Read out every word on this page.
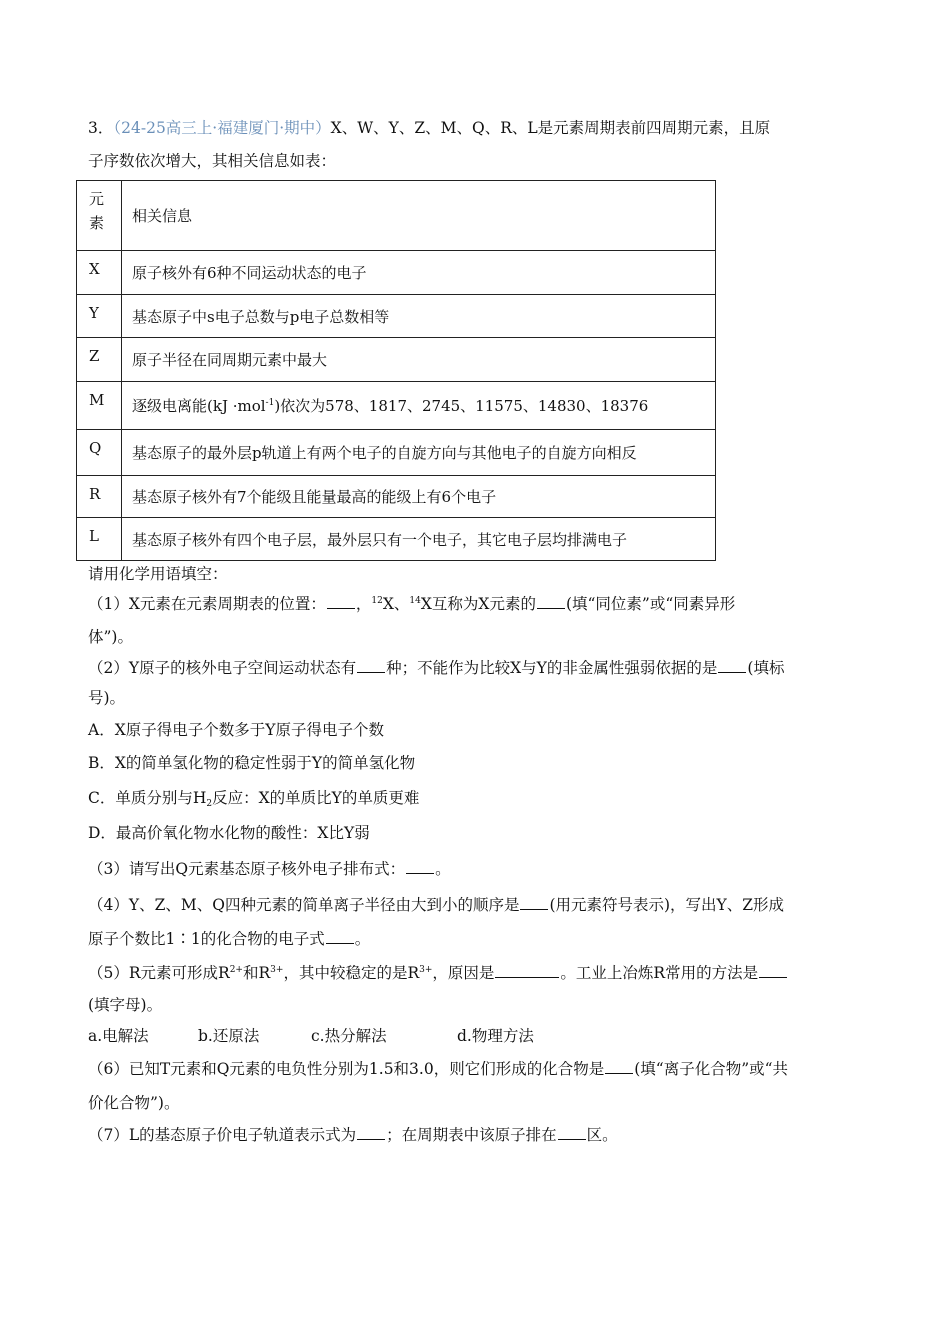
3．（24-25高三上·福建厦门·期中）X、W、Y、Z、M、Q、R、L是元素周期表前四周期元素，且原
子序数依次增大，其相关信息如表：
元
素	相关信息
X	原子核外有6种不同运动状态的电子
Y	基态原子中s电子总数与p电子总数相等
Z	原子半径在同周期元素中最大
M	逐级电离能(kJ ·mol$^{-1}$)依次为578、1817、2745、11575、14830、18376
Q	基态原子的最外层p轨道上有两个电子的自旋方向与其他电子的自旋方向相反
R	基态原子核外有7个能级且能量最高的能级上有6个电子
L	基态原子核外有四个电子层，最外层只有一个电子，其它电子层均排满电子
请用化学用语填空：
（1）X元素在元素周期表的位置： ，$^{12}$X、$^{14}$X互称为X元素的 (填“同位素”或“同素异形
体”)。
（2）Y原子的核外电子空间运动状态有 种；不能作为比较X与Y的非金属性强弱依据的是 (填标
号)。
A．X原子得电子个数多于Y原子得电子个数
B．X的简单氢化物的稳定性弱于Y的简单氢化物
C．单质分别与$H_2$反应：X的单质比Y的单质更难
D．最高价氧化物水化物的酸性：X比Y弱
（3）请写出Q元素基态原子核外电子排布式： 。
（4）Y、Z、M、Q四种元素的简单离子半径由大到小的顺序是 (用元素符号表示)，写出Y、Z形成
原子个数比1∶1的化合物的电子式 。
（5）R元素可形成$R^{2+}$和$R^{3+}$，其中较稳定的是$R^{3+}$，原因是	。工业上冶炼R常用的方法是
(填字母)。
a.电解法	b.还原法	c.热分解法	d.物理方法
（6）已知T元素和Q元素的电负性分别为1.5和3.0，则它们形成的化合物是 (填“离子化合物”或“共
价化合物”)。
（7）L的基态原子价电子轨道表示式为 ；在周期表中该原子排在 区。
